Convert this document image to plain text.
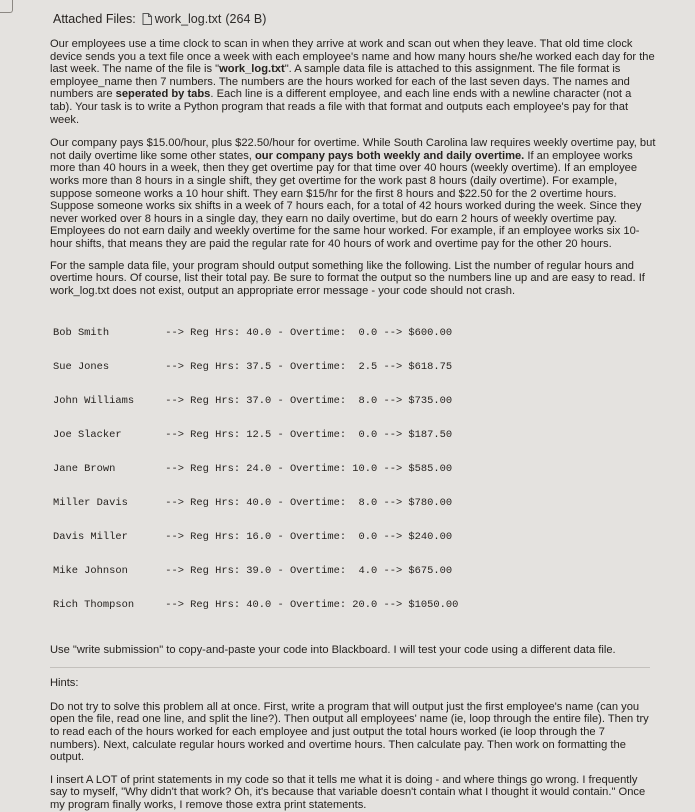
Attached Files: work_log.txt (264 B)

Our employees use a time clock to scan in when they arrive at work and scan out when they leave. That old time clock device sends you a text file once a week with each employee's name and how many hours she/he worked each day for the last week. The name of the file is "work_log.txt". A sample data file is attached to this assignment. The file format is employee_name then 7 numbers. The numbers are the hours worked for each of the last seven days. The names and numbers are seperated by tabs. Each line is a different employee, and each line ends with a newline character (not a tab). Your task is to write a Python program that reads a file with that format and outputs each employee's pay for that week.

Our company pays $15.00/hour, plus $22.50/hour for overtime. While South Carolina law requires weekly overtime pay, but not daily overtime like some other states, our company pays both weekly and daily overtime. If an employee works more than 40 hours in a week, then they get overtime pay for that time over 40 hours (weekly overtime). If an employee works more than 8 hours in a single shift, they get overtime for the work past 8 hours (daily overtime). For example, suppose someone works a 10 hour shift. They earn $15/hr for the first 8 hours and $22.50 for the 2 overtime hours. Suppose someone works six shifts in a week of 7 hours each, for a total of 42 hours worked during the week. Since they never worked over 8 hours in a single day, they earn no daily overtime, but do earn 2 hours of weekly overtime pay. Employees do not earn daily and weekly overtime for the same hour worked. For example, if an employee works six 10-hour shifts, that means they are paid the regular rate for 40 hours of work and overtime pay for the other 20 hours.

For the sample data file, your program should output something like the following. List the number of regular hours and overtime hours. Of course, list their total pay. Be sure to format the output so the numbers line up and are easy to read. If work_log.txt does not exist, output an appropriate error message - your code should not crash.

Bob Smith         --> Reg Hrs: 40.0 - Overtime:  0.0 --> $600.00

Sue Jones         --> Reg Hrs: 37.5 - Overtime:  2.5 --> $618.75

John Williams     --> Reg Hrs: 37.0 - Overtime:  8.0 --> $735.00

Joe Slacker       --> Reg Hrs: 12.5 - Overtime:  0.0 --> $187.50

Jane Brown        --> Reg Hrs: 24.0 - Overtime: 10.0 --> $585.00

Miller Davis      --> Reg Hrs: 40.0 - Overtime:  8.0 --> $780.00

Davis Miller      --> Reg Hrs: 16.0 - Overtime:  0.0 --> $240.00

Mike Johnson      --> Reg Hrs: 39.0 - Overtime:  4.0 --> $675.00

Rich Thompson     --> Reg Hrs: 40.0 - Overtime: 20.0 --> $1050.00

Use "write submission" to copy-and-paste your code into Blackboard. I will test your code using a different data file.

Hints:

Do not try to solve this problem all at once. First, write a program that will output just the first employee's name (can you open the file, read one line, and split the line?). Then output all employees' name (ie, loop through the entire file). Then try to read each of the hours worked for each employee and just output the total hours worked (ie loop through the 7 numbers). Next, calculate regular hours worked and overtime hours. Then calculate pay. Then work on formatting the output.

I insert A LOT of print statements in my code so that it tells me what it is doing - and where things go wrong. I frequently say to myself, "Why didn't that work? Oh, it's because that variable doesn't contain what I thought it would contain." Once my program finally works, I remove those extra print statements.
